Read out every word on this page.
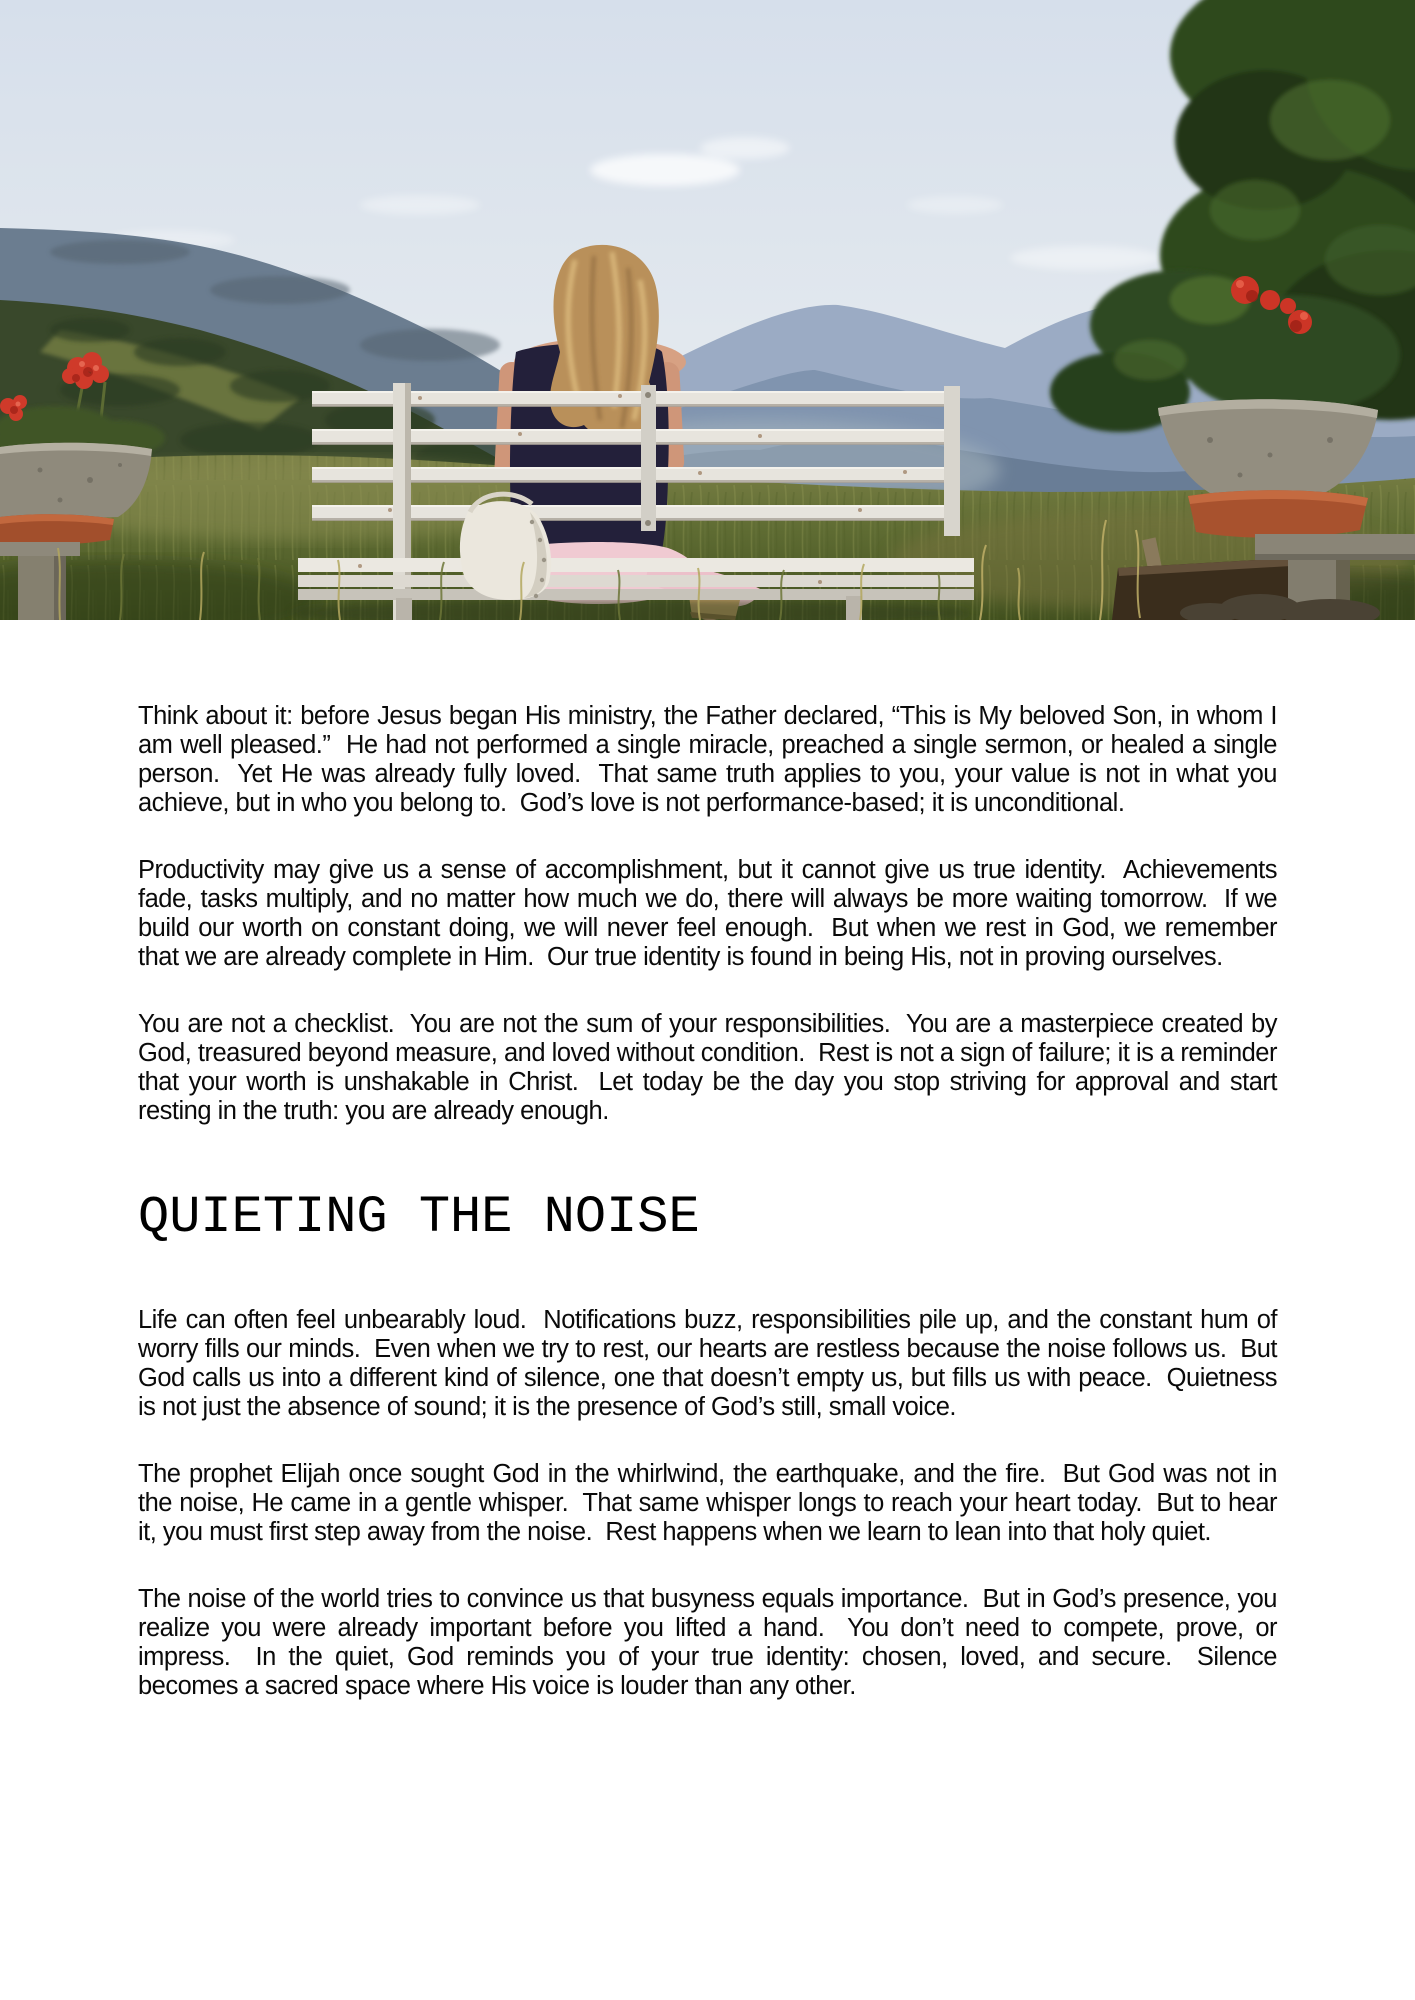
Think about it: before Jesus began His ministry, the Father declared, “This is My beloved Son, in whom I am well pleased.”  He had not performed a single miracle, preached a single sermon, or healed a single person.  Yet He was already fully loved.  That same truth applies to you, your value is not in what you achieve, but in who you belong to.  God’s love is not performance-based; it is unconditional.

Productivity may give us a sense of accomplishment, but it cannot give us true identity.  Achievements fade, tasks multiply, and no matter how much we do, there will always be more waiting tomorrow.  If we build our worth on constant doing, we will never feel enough.  But when we rest in God, we remember that we are already complete in Him.  Our true identity is found in being His, not in proving ourselves.

You are not a checklist.  You are not the sum of your responsibilities.  You are a masterpiece created by God, treasured beyond measure, and loved without condition.  Rest is not a sign of failure; it is a reminder that your worth is unshakable in Christ.  Let today be the day you stop striving for approval and start resting in the truth: you are already enough.

QUIETING THE NOISE

Life can often feel unbearably loud.  Notifications buzz, responsibilities pile up, and the constant hum of worry fills our minds.  Even when we try to rest, our hearts are restless because the noise follows us.  But God calls us into a different kind of silence, one that doesn’t empty us, but fills us with peace.  Quietness is not just the absence of sound; it is the presence of God’s still, small voice.

The prophet Elijah once sought God in the whirlwind, the earthquake, and the fire.  But God was not in the noise, He came in a gentle whisper.  That same whisper longs to reach your heart today.  But to hear it, you must first step away from the noise.  Rest happens when we learn to lean into that holy quiet.

The noise of the world tries to convince us that busyness equals importance.  But in God’s presence, you realize you were already important before you lifted a hand.  You don’t need to compete, prove, or impress.  In the quiet, God reminds you of your true identity: chosen, loved, and secure.  Silence becomes a sacred space where His voice is louder than any other.
